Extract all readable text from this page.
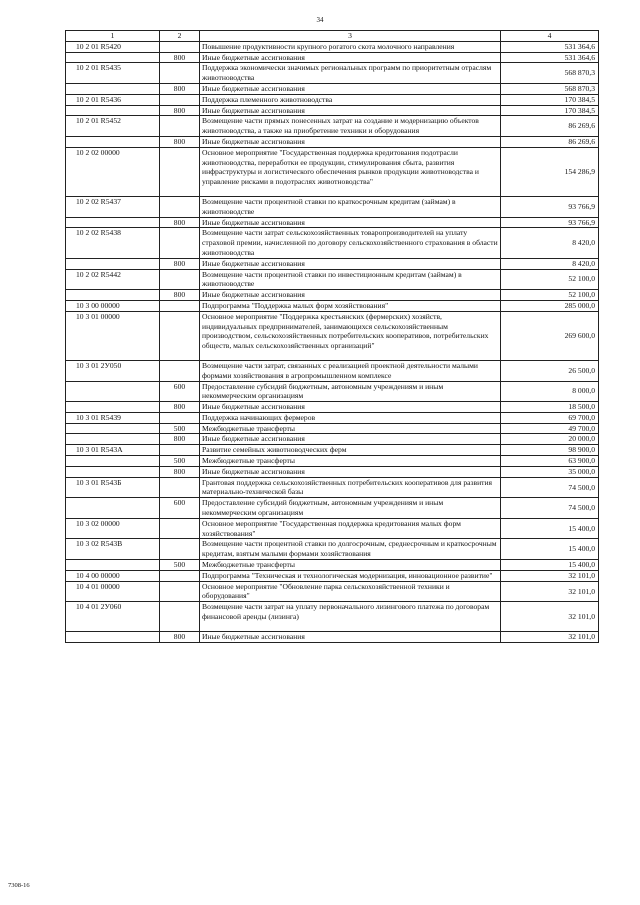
34
1	2	3	4
10 2 01 R5420		Повышение продуктивности крупного рогатого скота молочного направления	531 364,6
	800	Иные бюджетные ассигнования	531 364,6
10 2 01 R5435		Поддержка экономически значимых региональных программ по приоритетным отраслям животноводства	568 870,3
	800	Иные бюджетные ассигнования	568 870,3
10 2 01 R5436		Поддержка племенного животноводства	170 384,5
	800	Иные бюджетные ассигнования	170 384,5
10 2 01 R5452		Возмещение части прямых понесенных затрат на создание и модернизацию объектов животноводства, а также на приобретение техники и оборудования	86 269,6
	800	Иные бюджетные ассигнования	86 269,6
10 2 02 00000		Основное мероприятие "Государственная поддержка кредитования подотрасли животноводства, переработки ее продукции, стимулирования сбыта, развития инфраструктуры и логистического обеспечения рынков продукции животноводства и управление рисками в подотраслях животноводства"	154 286,9
10 2 02 R5437		Возмещение части процентной ставки по краткосрочным кредитам (займам) в животноводстве	93 766,9
	800	Иные бюджетные ассигнования	93 766,9
10 2 02 R5438		Возмещение части затрат сельскохозяйственных товаропроизводителей на уплату страховой премии, начисленной по договору сельскохозяйственного страхования в области животноводства	8 420,0
	800	Иные бюджетные ассигнования	8 420,0
10 2 02 R5442		Возмещение части процентной ставки по инвестиционным кредитам (займам) в животноводстве	52 100,0
	800	Иные бюджетные ассигнования	52 100,0
10 3 00 00000		Подпрограмма "Поддержка малых форм хозяйствования"	285 000,0
10 3 01 00000		Основное мероприятие "Поддержка крестьянских (фермерских) хозяйств, индивидуальных предпринимателей, занимающихся сельскохозяйственным производством, сельскохозяйственных потребительских кооперативов, потребительских обществ, малых сельскохозяйственных организаций"	269 600,0
10 3 01 2У050		Возмещение части затрат, связанных с реализацией проектной деятельности малыми формами хозяйствования в агропромышленном комплексе	26 500,0
	600	Предоставление субсидий бюджетным, автономным учреждениям и иным некоммерческим организациям	8 000,0
	800	Иные бюджетные ассигнования	18 500,0
10 3 01 R5439		Поддержка начинающих фермеров	69 700,0
	500	Межбюджетные трансферты	49 700,0
	800	Иные бюджетные ассигнования	20 000,0
10 3 01 R543А		Развитие семейных животноводческих ферм	98 900,0
	500	Межбюджетные трансферты	63 900,0
	800	Иные бюджетные ассигнования	35 000,0
10 3 01 R543Б		Грантовая поддержка сельскохозяйственных потребительских кооперативов для развития материально-технической базы	74 500,0
	600	Предоставление субсидий бюджетным, автономным учреждениям и иным некоммерческим организациям	74 500,0
10 3 02 00000		Основное мероприятие "Государственная поддержка кредитования малых форм хозяйствования"	15 400,0
10 3 02 R543В		Возмещение части процентной ставки по долгосрочным, среднесрочным и краткосрочным кредитам, взятым малыми формами хозяйствования	15 400,0
	500	Межбюджетные трансферты	15 400,0
10 4 00 00000		Подпрограмма "Техническая и технологическая модернизация, инновационное развитие"	32 101,0
10 4 01 00000		Основное мероприятие "Обновление парка сельскохозяйственной техники и оборудования"	32 101,0
10 4 01 2У060		Возмещение части затрат на уплату первоначального лизингового платежа по договорам финансовой аренды (лизинга)	32 101,0
	800	Иные бюджетные ассигнования	32 101,0
7308-16
